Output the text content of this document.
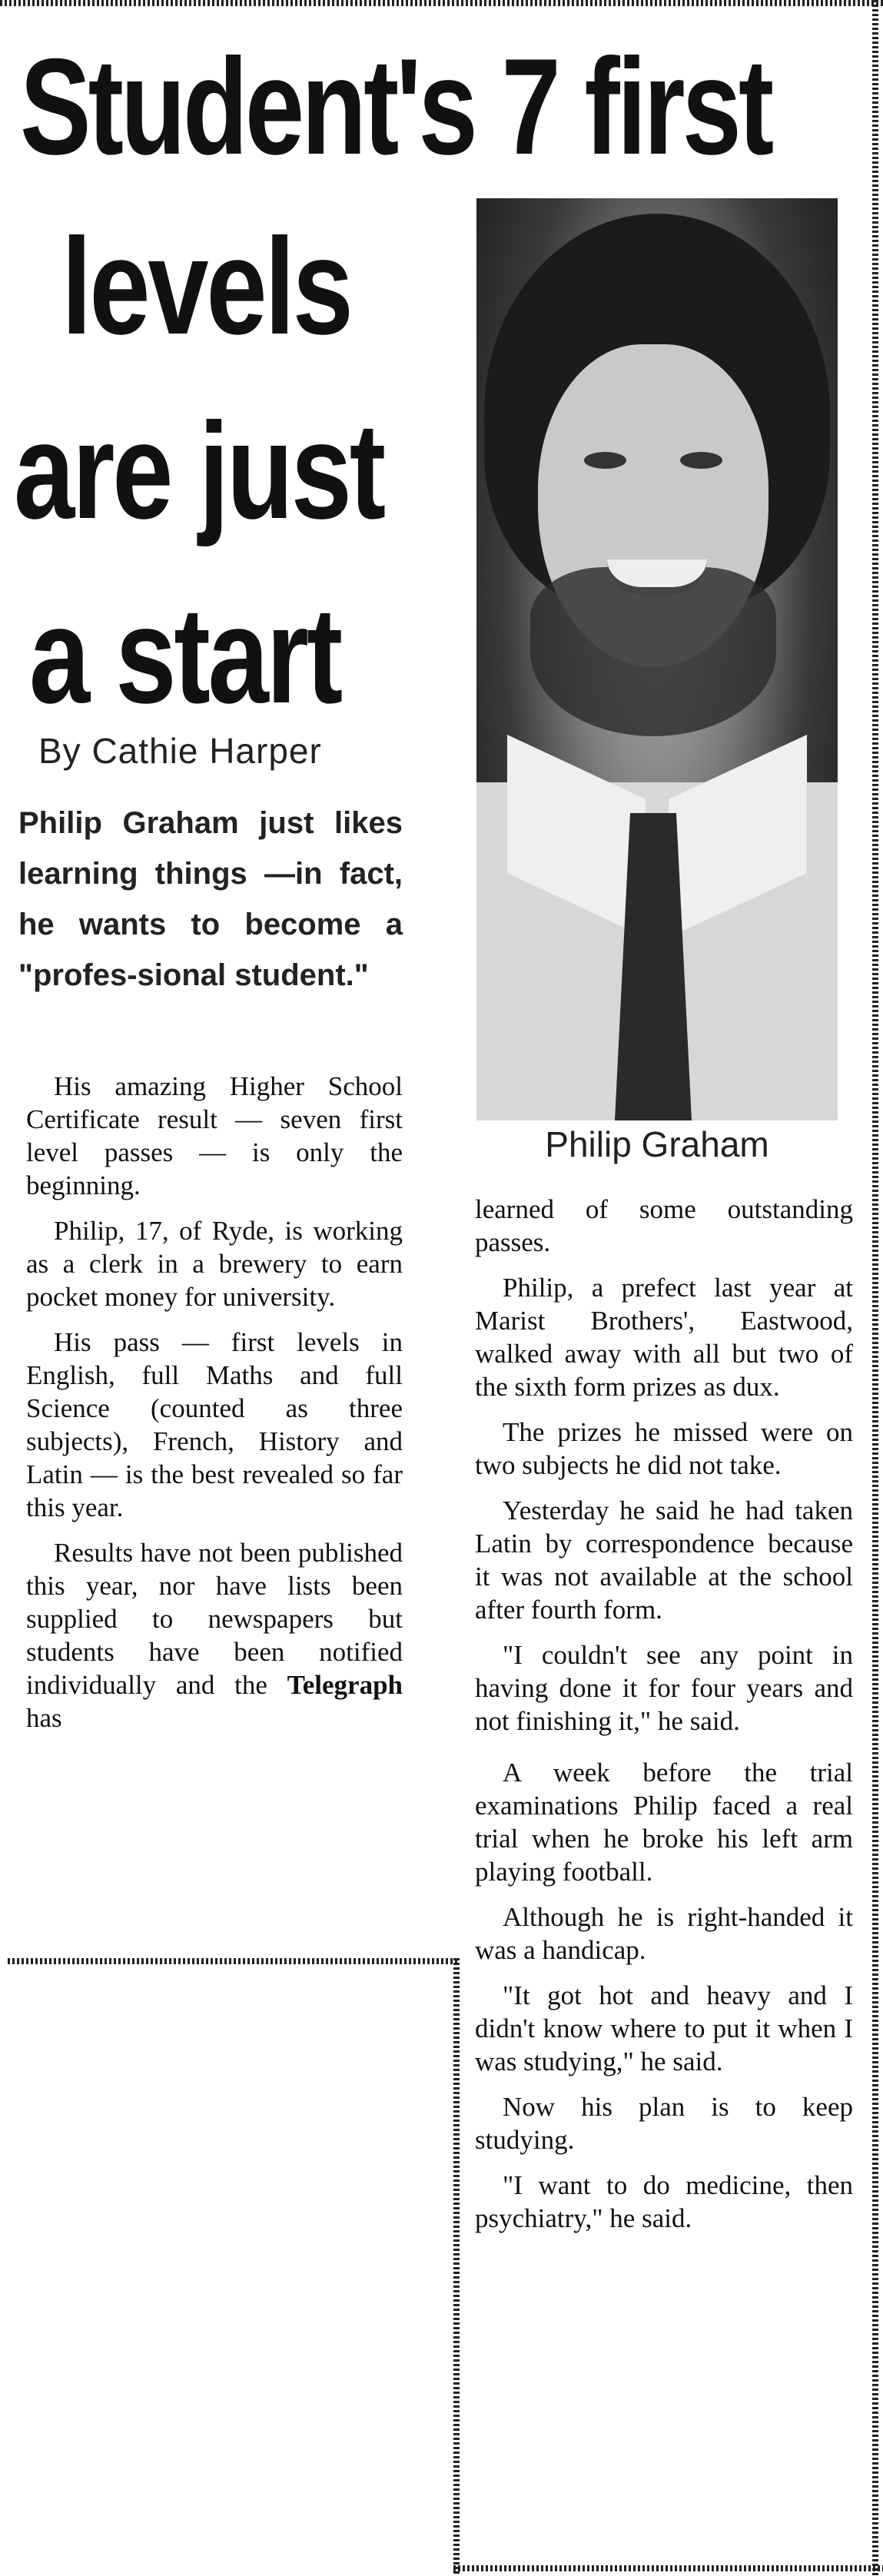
Student's 7 first
levels
are just
a start
By Cathie Harper
Philip Graham

Philip Graham just likes learning things —in fact, he wants to become a "profes-sional student."

His amazing Higher School Certificate result — seven first level passes — is only the beginning.

Philip, 17, of Ryde, is working as a clerk in a brewery to earn pocket money for university.

His pass — first levels in English, full Maths and full Science (counted as three subjects), French, History and Latin — is the best revealed so far this year.

Results have not been published this year, nor have lists been supplied to newspapers but students have been notified individually and the Telegraph has

learned of some outstanding passes.

Philip, a prefect last year at Marist Brothers', Eastwood, walked away with all but two of the sixth form prizes as dux.

The prizes he missed were on two subjects he did not take.

Yesterday he said he had taken Latin by correspondence because it was not available at the school after fourth form.

"I couldn't see any point in having done it for four years and not finishing it," he said.

A week before the trial examinations Philip faced a real trial when he broke his left arm playing football.

Although he is right-handed it was a handicap.

"It got hot and heavy and I didn't know where to put it when I was studying," he said.

Now his plan is to keep studying.

"I want to do medicine, then psychiatry," he said.
